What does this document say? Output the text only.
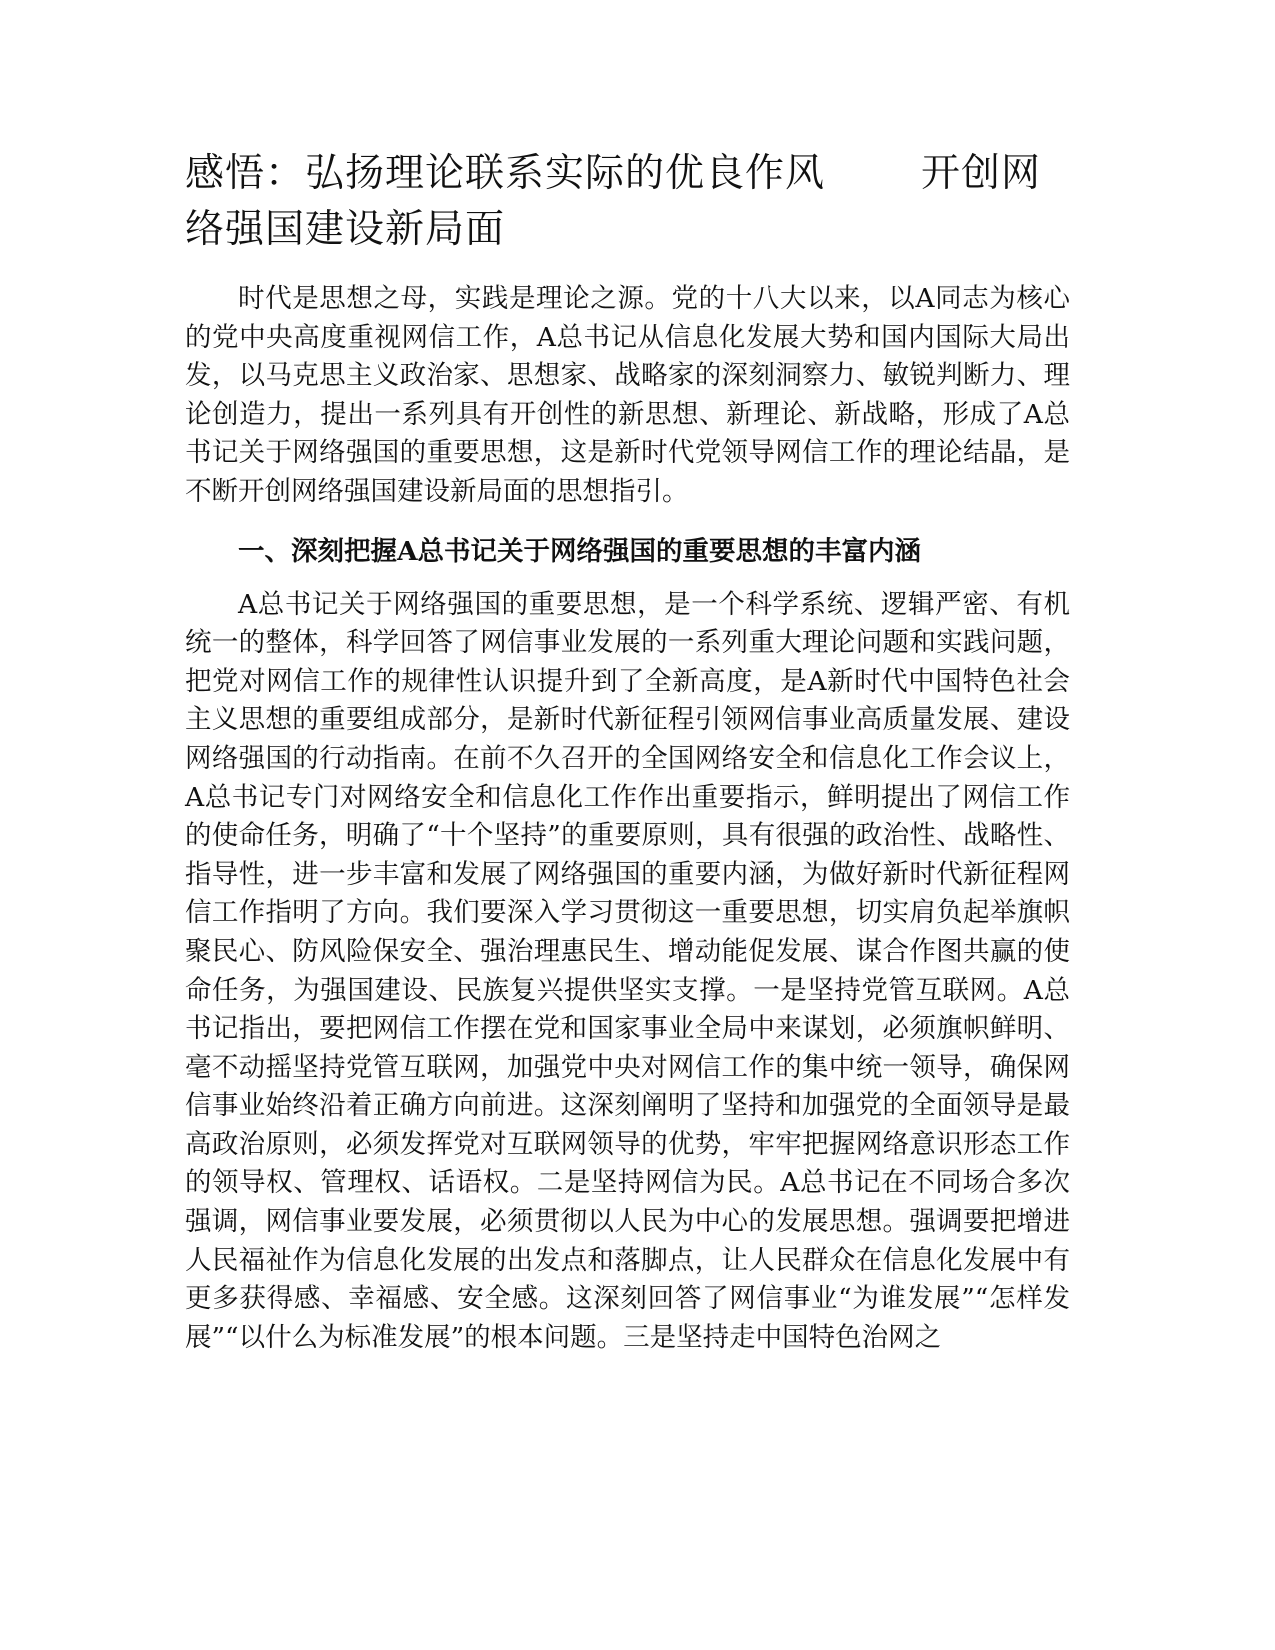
感悟：弘扬理论联系实际的优良作风 开创网
络强国建设新局面

时代是思想之母，实践是理论之源。党的十八大以来，以A同志为核心的党中央高度重视网信工作，A总书记从信息化发展大势和国内国际大局出发，以马克思主义政治家、思想家、战略家的深刻洞察力、敏锐判断力、理论创造力，提出一系列具有开创性的新思想、新理论、新战略，形成了A总书记关于网络强国的重要思想，这是新时代党领导网信工作的理论结晶，是不断开创网络强国建设新局面的思想指引。

一、深刻把握A总书记关于网络强国的重要思想的丰富内涵

A总书记关于网络强国的重要思想，是一个科学系统、逻辑严密、有机统一的整体，科学回答了网信事业发展的一系列重大理论问题和实践问题，把党对网信工作的规律性认识提升到了全新高度，是A新时代中国特色社会主义思想的重要组成部分，是新时代新征程引领网信事业高质量发展、建设网络强国的行动指南。在前不久召开的全国网络安全和信息化工作会议上，A总书记专门对网络安全和信息化工作作出重要指示，鲜明提出了网信工作的使命任务，明确了“十个坚持”的重要原则，具有很强的政治性、战略性、指导性，进一步丰富和发展了网络强国的重要内涵，为做好新时代新征程网信工作指明了方向。我们要深入学习贯彻这一重要思想，切实肩负起举旗帜聚民心、防风险保安全、强治理惠民生、增动能促发展、谋合作图共赢的使命任务，为强国建设、民族复兴提供坚实支撑。一是坚持党管互联网。A总书记指出，要把网信工作摆在党和国家事业全局中来谋划，必须旗帜鲜明、毫不动摇坚持党管互联网，加强党中央对网信工作的集中统一领导，确保网信事业始终沿着正确方向前进。这深刻阐明了坚持和加强党的全面领导是最高政治原则，必须发挥党对互联网领导的优势，牢牢把握网络意识形态工作的领导权、管理权、话语权。二是坚持网信为民。A总书记在不同场合多次强调，网信事业要发展，必须贯彻以人民为中心的发展思想。强调要把增进人民福祉作为信息化发展的出发点和落脚点，让人民群众在信息化发展中有更多获得感、幸福感、安全感。这深刻回答了网信事业“为谁发展”“怎样发展”“以什么为标准发展”的根本问题。三是坚持走中国特色治网之
